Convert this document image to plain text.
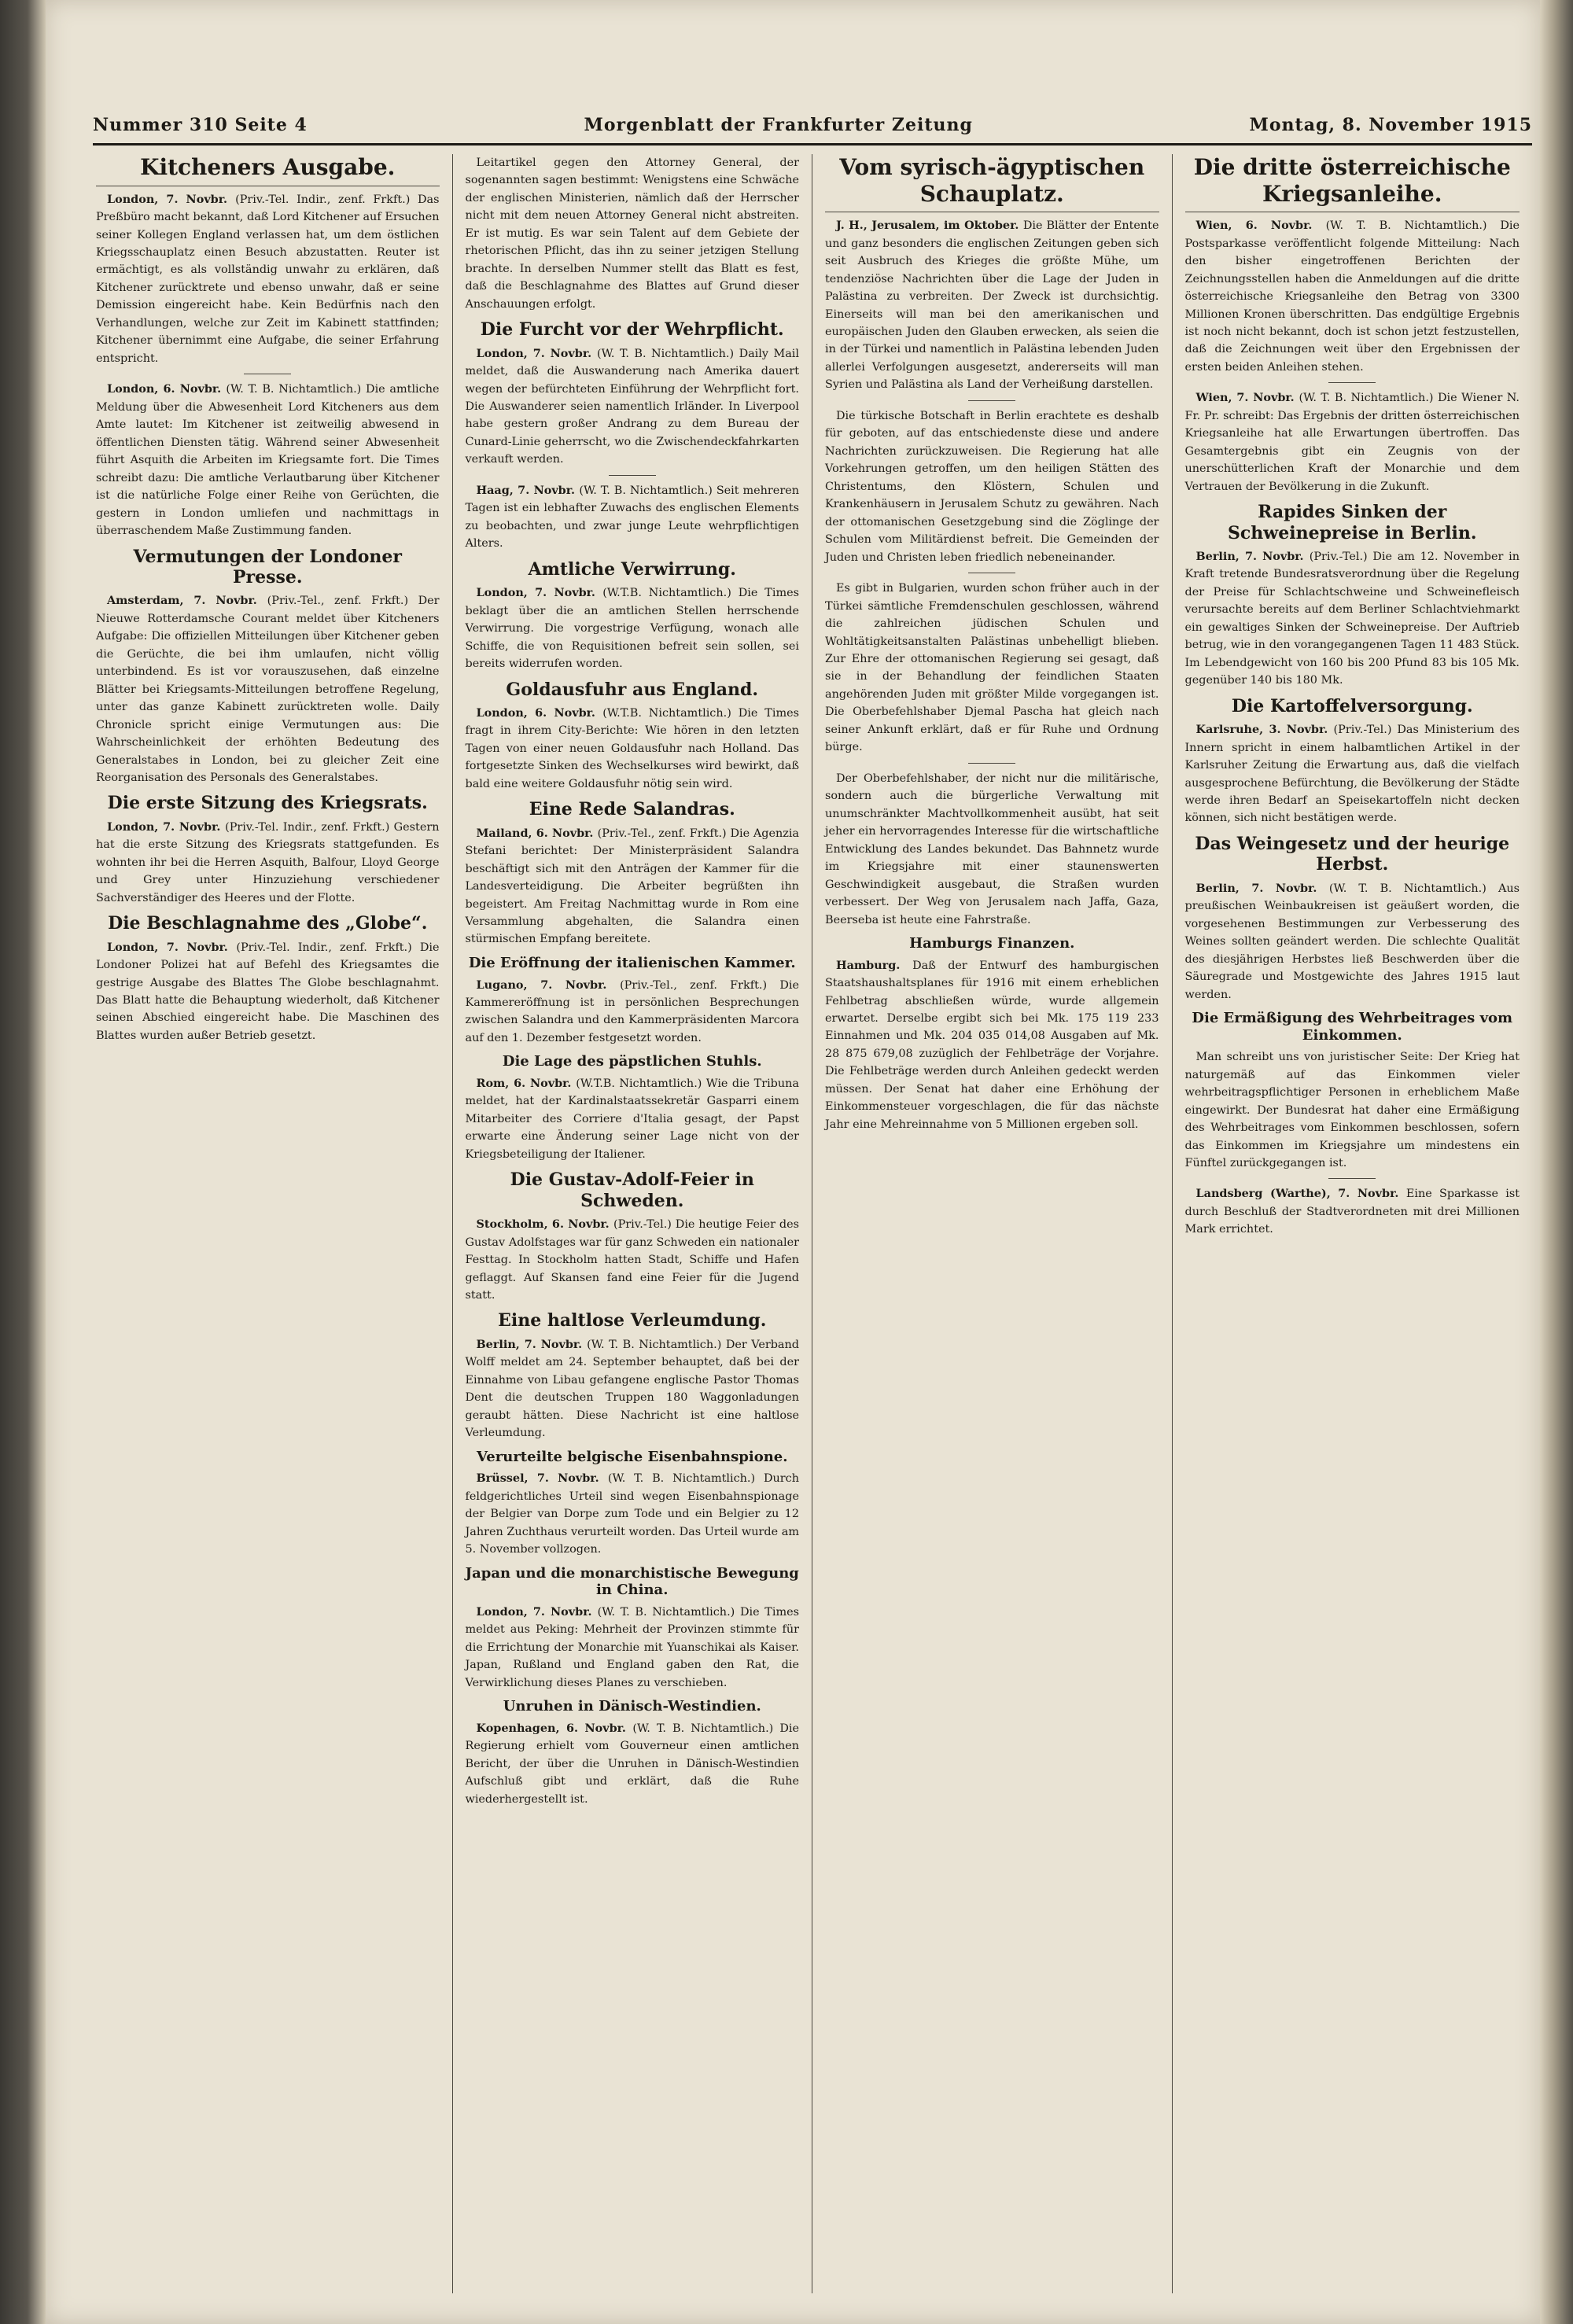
Nummer 310 Seite 4	Morgenblatt der Frankfurter Zeitung	Montag, 8. November 1915
Kitcheners Ausgabe.

London, 7. Novbr. (Priv.-Tel. Indir., zenf. Frkft.) Das Preßbüro macht bekannt, daß Lord Kitchener auf Ersuchen seiner Kollegen England verlassen hat, um dem östlichen Kriegsschauplatz einen Besuch abzustatten. Reuter ist ermächtigt, es als vollständig unwahr zu erklären, daß Kitchener zurücktrete und ebenso unwahr, daß er seine Demission eingereicht habe. Kein Bedürfnis nach den Verhandlungen, welche zur Zeit im Kabinett stattfinden; Kitchener übernimmt eine Aufgabe, die seiner Erfahrung entspricht.

London, 6. Novbr. (W. T. B. Nichtamtlich.) Die amtliche Meldung über die Abwesenheit Lord Kitcheners aus dem Amte lautet: Im Kitchener ist zeitweilig abwesend in öffentlichen Diensten tätig. Während seiner Abwesenheit führt Asquith die Arbeiten im Kriegsamte fort. Die Times schreibt dazu: Die amtliche Verlautbarung über Kitchener ist die natürliche Folge einer Reihe von Gerüchten, die gestern in London umliefen und nachmittags in überraschendem Maße Zustimmung fanden.

Vermutungen der Londoner Presse.

Amsterdam, 7. Novbr. (Priv.-Tel., zenf. Frkft.) Der Nieuwe Rotterdamsche Courant meldet über Kitcheners Aufgabe: Die offiziellen Mitteilungen über Kitchener geben die Gerüchte, die bei ihm umlaufen, nicht völlig unterbindend. Es ist vor vorauszusehen, daß einzelne Blätter bei Kriegsamts-Mitteilungen betroffene Regelung, unter das ganze Kabinett zurücktreten wolle. Daily Chronicle spricht einige Vermutungen aus: Die Wahrscheinlichkeit der erhöhten Bedeutung des Generalstabes in London, bei zu gleicher Zeit eine Reorganisation des Personals des Generalstabes.

Die erste Sitzung des Kriegsrats.

London, 7. Novbr. (Priv.-Tel. Indir., zenf. Frkft.) Gestern hat die erste Sitzung des Kriegsrats stattgefunden. Es wohnten ihr bei die Herren Asquith, Balfour, Lloyd George und Grey unter Hinzuziehung verschiedener Sachverständiger des Heeres und der Flotte.

Die Beschlagnahme des „Globe“.

London, 7. Novbr. (Priv.-Tel. Indir., zenf. Frkft.) Die Londoner Polizei hat auf Befehl des Kriegsamtes die gestrige Ausgabe des Blattes The Globe beschlagnahmt. Das Blatt hatte die Behauptung wiederholt, daß Kitchener seinen Abschied eingereicht habe. Die Maschinen des Blattes wurden außer Betrieb gesetzt.

Leitartikel gegen den Attorney General, der sogenannten sagen bestimmt: Wenigstens eine Schwäche der englischen Ministerien, nämlich daß der Herrscher nicht mit dem neuen Attorney General nicht abstreiten. Er ist mutig. Es war sein Talent auf dem Gebiete der rhetorischen Pflicht, das ihn zu seiner jetzigen Stellung brachte. In derselben Nummer stellt das Blatt es fest, daß die Beschlagnahme des Blattes auf Grund dieser Anschauungen erfolgt.

Die Furcht vor der Wehrpflicht.

London, 7. Novbr. (W. T. B. Nichtamtlich.) Daily Mail meldet, daß die Auswanderung nach Amerika dauert wegen der befürchteten Einführung der Wehrpflicht fort. Die Auswanderer seien namentlich Irländer. In Liverpool habe gestern großer Andrang zu dem Bureau der Cunard-Linie geherrscht, wo die Zwischendeckfahrkarten verkauft werden.

Haag, 7. Novbr. (W. T. B. Nichtamtlich.) Seit mehreren Tagen ist ein lebhafter Zuwachs des englischen Elements zu beobachten, und zwar junge Leute wehrpflichtigen Alters.

Amtliche Verwirrung.

London, 7. Novbr. (W.T.B. Nichtamtlich.) Die Times beklagt über die an amtlichen Stellen herrschende Verwirrung. Die vorgestrige Verfügung, wonach alle Schiffe, die von Requisitionen befreit sein sollen, sei bereits widerrufen worden.

Goldausfuhr aus England.

London, 6. Novbr. (W.T.B. Nichtamtlich.) Die Times fragt in ihrem City-Berichte: Wie hören in den letzten Tagen von einer neuen Goldausfuhr nach Holland. Das fortgesetzte Sinken des Wechselkurses wird bewirkt, daß bald eine weitere Goldausfuhr nötig sein wird.

Eine Rede Salandras.

Mailand, 6. Novbr. (Priv.-Tel., zenf. Frkft.) Die Agenzia Stefani berichtet: Der Ministerpräsident Salandra beschäftigt sich mit den Anträgen der Kammer für die Landesverteidigung. Die Arbeiter begrüßten ihn begeistert. Am Freitag Nachmittag wurde in Rom eine Versammlung abgehalten, die Salandra einen stürmischen Empfang bereitete.

Die Eröffnung der italienischen Kammer.

Lugano, 7. Novbr. (Priv.-Tel., zenf. Frkft.) Die Kammereröffnung ist in persönlichen Besprechungen zwischen Salandra und den Kammerpräsidenten Marcora auf den 1. Dezember festgesetzt worden.

Die Lage des päpstlichen Stuhls.

Rom, 6. Novbr. (W.T.B. Nichtamtlich.) Wie die Tribuna meldet, hat der Kardinalstaatssekretär Gasparri einem Mitarbeiter des Corriere d'Italia gesagt, der Papst erwarte eine Änderung seiner Lage nicht von der Kriegsbeteiligung der Italiener.

Die Gustav-Adolf-Feier in Schweden.

Stockholm, 6. Novbr. (Priv.-Tel.) Die heutige Feier des Gustav Adolfstages war für ganz Schweden ein nationaler Festtag. In Stockholm hatten Stadt, Schiffe und Hafen geflaggt. Auf Skansen fand eine Feier für die Jugend statt.

Eine haltlose Verleumdung.

Berlin, 7. Novbr. (W. T. B. Nichtamtlich.) Der Verband Wolff meldet am 24. September behauptet, daß bei der Einnahme von Libau gefangene englische Pastor Thomas Dent die deutschen Truppen 180 Waggonladungen geraubt hätten. Diese Nachricht ist eine haltlose Verleumdung.

Verurteilte belgische Eisenbahnspione.

Brüssel, 7. Novbr. (W. T. B. Nichtamtlich.) Durch feldgerichtliches Urteil sind wegen Eisenbahnspionage der Belgier van Dorpe zum Tode und ein Belgier zu 12 Jahren Zuchthaus verurteilt worden. Das Urteil wurde am 5. November vollzogen.

Japan und die monarchistische Bewegung in China.

London, 7. Novbr. (W. T. B. Nichtamtlich.) Die Times meldet aus Peking: Mehrheit der Provinzen stimmte für die Errichtung der Monarchie mit Yuanschikai als Kaiser. Japan, Rußland und England gaben den Rat, die Verwirklichung dieses Planes zu verschieben.

Unruhen in Dänisch-Westindien.

Kopenhagen, 6. Novbr. (W. T. B. Nichtamtlich.) Die Regierung erhielt vom Gouverneur einen amtlichen Bericht, der über die Unruhen in Dänisch-Westindien Aufschluß gibt und erklärt, daß die Ruhe wiederhergestellt ist.

Vom syrisch-ägyptischen Schauplatz.

J. H., Jerusalem, im Oktober. Die Blätter der Entente und ganz besonders die englischen Zeitungen geben sich seit Ausbruch des Krieges die größte Mühe, um tendenziöse Nachrichten über die Lage der Juden in Palästina zu verbreiten. Der Zweck ist durchsichtig. Einerseits will man bei den amerikanischen und europäischen Juden den Glauben erwecken, als seien die in der Türkei und namentlich in Palästina lebenden Juden allerlei Verfolgungen ausgesetzt, andererseits will man Syrien und Palästina als Land der Verheißung darstellen.

Die türkische Botschaft in Berlin erachtete es deshalb für geboten, auf das entschiedenste diese und andere Nachrichten zurückzuweisen. Die Regierung hat alle Vorkehrungen getroffen, um den heiligen Stätten des Christentums, den Klöstern, Schulen und Krankenhäusern in Jerusalem Schutz zu gewähren. Nach der ottomanischen Gesetzgebung sind die Zöglinge der Schulen vom Militärdienst befreit. Die Gemeinden der Juden und Christen leben friedlich nebeneinander.

Es gibt in Bulgarien, wurden schon früher auch in der Türkei sämtliche Fremdenschulen geschlossen, während die zahlreichen jüdischen Schulen und Wohltätigkeitsanstalten Palästinas unbehelligt blieben. Zur Ehre der ottomanischen Regierung sei gesagt, daß sie in der Behandlung der feindlichen Staaten angehörenden Juden mit größter Milde vorgegangen ist. Die Oberbefehlshaber Djemal Pascha hat gleich nach seiner Ankunft erklärt, daß er für Ruhe und Ordnung bürge.

Der Oberbefehlshaber, der nicht nur die militärische, sondern auch die bürgerliche Verwaltung mit unumschränkter Machtvollkommenheit ausübt, hat seit jeher ein hervorragendes Interesse für die wirtschaftliche Entwicklung des Landes bekundet. Das Bahnnetz wurde im Kriegsjahre mit einer staunenswerten Geschwindigkeit ausgebaut, die Straßen wurden verbessert. Der Weg von Jerusalem nach Jaffa, Gaza, Beerseba ist heute eine Fahrstraße.

Hamburgs Finanzen.

Hamburg. Daß der Entwurf des hamburgischen Staatshaushaltsplanes für 1916 mit einem erheblichen Fehlbetrag abschließen würde, wurde allgemein erwartet. Derselbe ergibt sich bei Mk. 175 119 233 Einnahmen und Mk. 204 035 014,08 Ausgaben auf Mk. 28 875 679,08 zuzüglich der Fehlbeträge der Vorjahre. Die Fehlbeträge werden durch Anleihen gedeckt werden müssen. Der Senat hat daher eine Erhöhung der Einkommensteuer vorgeschlagen, die für das nächste Jahr eine Mehreinnahme von 5 Millionen ergeben soll.

Die dritte österreichische Kriegsanleihe.

Wien, 6. Novbr. (W. T. B. Nichtamtlich.) Die Postsparkasse veröffentlicht folgende Mitteilung: Nach den bisher eingetroffenen Berichten der Zeichnungsstellen haben die Anmeldungen auf die dritte österreichische Kriegsanleihe den Betrag von 3300 Millionen Kronen überschritten. Das endgültige Ergebnis ist noch nicht bekannt, doch ist schon jetzt festzustellen, daß die Zeichnungen weit über den Ergebnissen der ersten beiden Anleihen stehen.

Wien, 7. Novbr. (W. T. B. Nichtamtlich.) Die Wiener N. Fr. Pr. schreibt: Das Ergebnis der dritten österreichischen Kriegsanleihe hat alle Erwartungen übertroffen. Das Gesamtergebnis gibt ein Zeugnis von der unerschütterlichen Kraft der Monarchie und dem Vertrauen der Bevölkerung in die Zukunft.

Rapides Sinken der Schweinepreise in Berlin.

Berlin, 7. Novbr. (Priv.-Tel.) Die am 12. November in Kraft tretende Bundesratsverordnung über die Regelung der Preise für Schlachtschweine und Schweinefleisch verursachte bereits auf dem Berliner Schlachtviehmarkt ein gewaltiges Sinken der Schweinepreise. Der Auftrieb betrug, wie in den vorangegangenen Tagen 11 483 Stück. Im Lebendgewicht von 160 bis 200 Pfund 83 bis 105 Mk. gegenüber 140 bis 180 Mk.

Die Kartoffelversorgung.

Karlsruhe, 3. Novbr. (Priv.-Tel.) Das Ministerium des Innern spricht in einem halbamtlichen Artikel in der Karlsruher Zeitung die Erwartung aus, daß die vielfach ausgesprochene Befürchtung, die Bevölkerung der Städte werde ihren Bedarf an Speisekartoffeln nicht decken können, sich nicht bestätigen werde.

Das Weingesetz und der heurige Herbst.

Berlin, 7. Novbr. (W. T. B. Nichtamtlich.) Aus preußischen Weinbaukreisen ist geäußert worden, die vorgesehenen Bestimmungen zur Verbesserung des Weines sollten geändert werden. Die schlechte Qualität des diesjährigen Herbstes ließ Beschwerden über die Säuregrade und Mostgewichte des Jahres 1915 laut werden.

Die Ermäßigung des Wehrbeitrages vom Einkommen.

Man schreibt uns von juristischer Seite: Der Krieg hat naturgemäß auf das Einkommen vieler wehrbeitragspflichtiger Personen in erheblichem Maße eingewirkt. Der Bundesrat hat daher eine Ermäßigung des Wehrbeitrages vom Einkommen beschlossen, sofern das Einkommen im Kriegsjahre um mindestens ein Fünftel zurückgegangen ist.

Landsberg (Warthe), 7. Novbr. Eine Sparkasse ist durch Beschluß der Stadtverordneten mit drei Millionen Mark errichtet.
